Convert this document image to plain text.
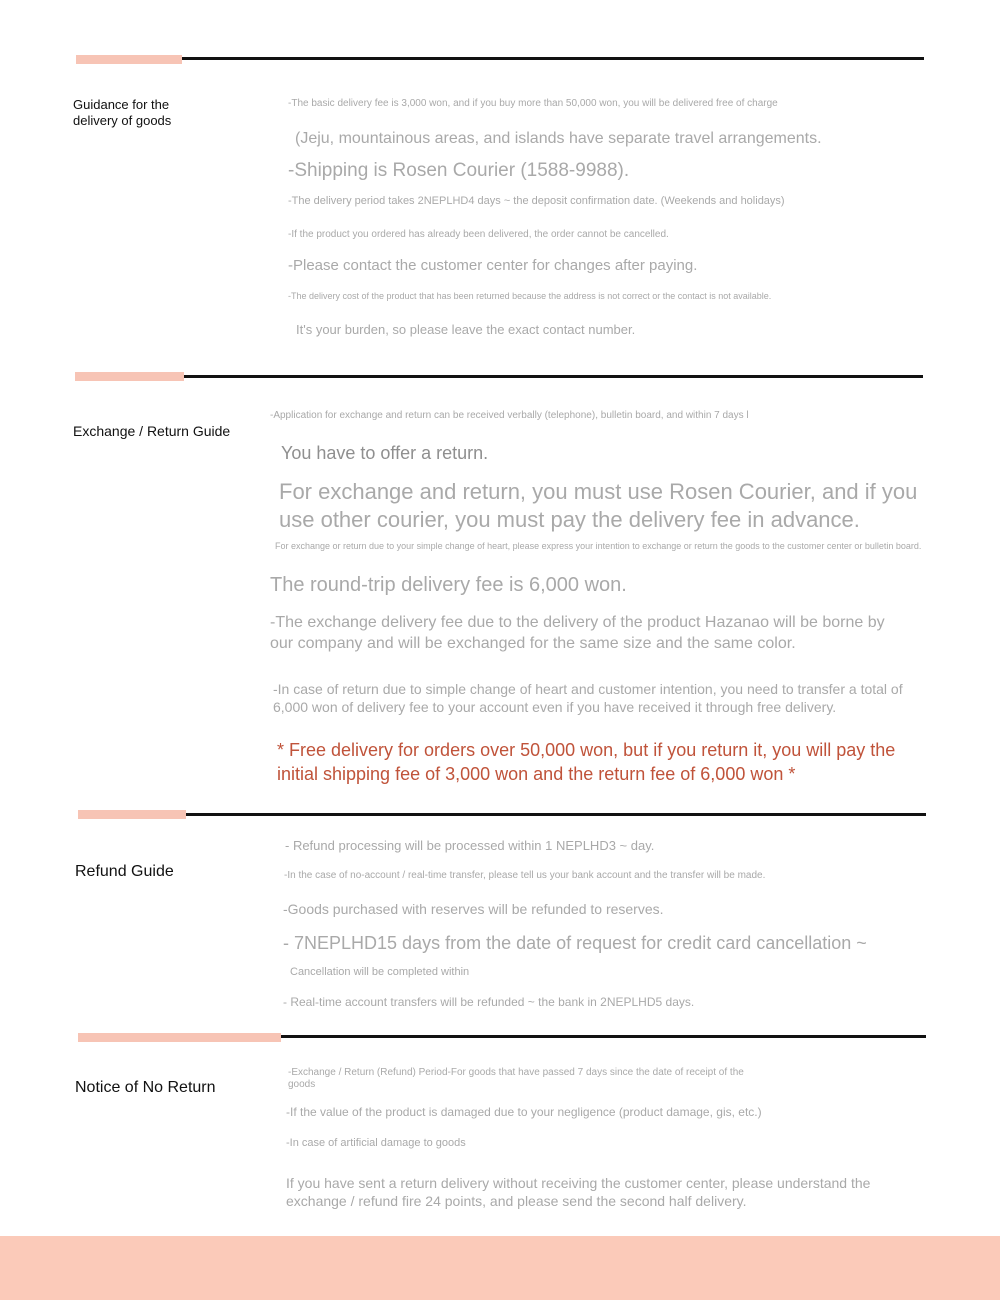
Guidance for the
delivery of goods
-The basic delivery fee is 3,000 won, and if you buy more than 50,000 won, you will be delivered free of charge
(Jeju, mountainous areas, and islands have separate travel arrangements.
-Shipping is Rosen Courier (1588-9988).
-The delivery period takes 2NEPLHD4 days ~ the deposit confirmation date. (Weekends and holidays)
-If the product you ordered has already been delivered, the order cannot be cancelled.
-Please contact the customer center for changes after paying.
-The delivery cost of the product that has been returned because the address is not correct or the contact is not available.
It's your burden, so please leave the exact contact number.
Exchange / Return Guide
-Application for exchange and return can be received verbally (telephone), bulletin board, and within 7 days l
You have to offer a return.
For exchange and return, you must use Rosen Courier, and if you use other courier, you must pay the delivery fee in advance.
For exchange or return due to your simple change of heart, please express your intention to exchange or return the goods to the customer center or bulletin board.
The round-trip delivery fee is 6,000 won.
-The exchange delivery fee due to the delivery of the product Hazanao will be borne by our company and will be exchanged for the same size and the same color.
-In case of return due to simple change of heart and customer intention, you need to transfer a total of 6,000 won of delivery fee to your account even if you have received it through free delivery.
* Free delivery for orders over 50,000 won, but if you return it, you will pay the initial shipping fee of 3,000 won and the return fee of 6,000 won *
Refund Guide
- Refund processing will be processed within 1 NEPLHD3 ~ day.
-In the case of no-account / real-time transfer, please tell us your bank account and the transfer will be made.
-Goods purchased with reserves will be refunded to reserves.
- 7NEPLHD15 days from the date of request for credit card cancellation ~
Cancellation will be completed within
- Real-time account transfers will be refunded ~ the bank in 2NEPLHD5 days.
Notice of No Return
-Exchange / Return (Refund) Period-For goods that have passed 7 days since the date of receipt of the goods
-If the value of the product is damaged due to your negligence (product damage, gis, etc.)
-In case of artificial damage to goods
If you have sent a return delivery without receiving the customer center, please understand the exchange / refund fire 24 points, and please send the second half delivery.
